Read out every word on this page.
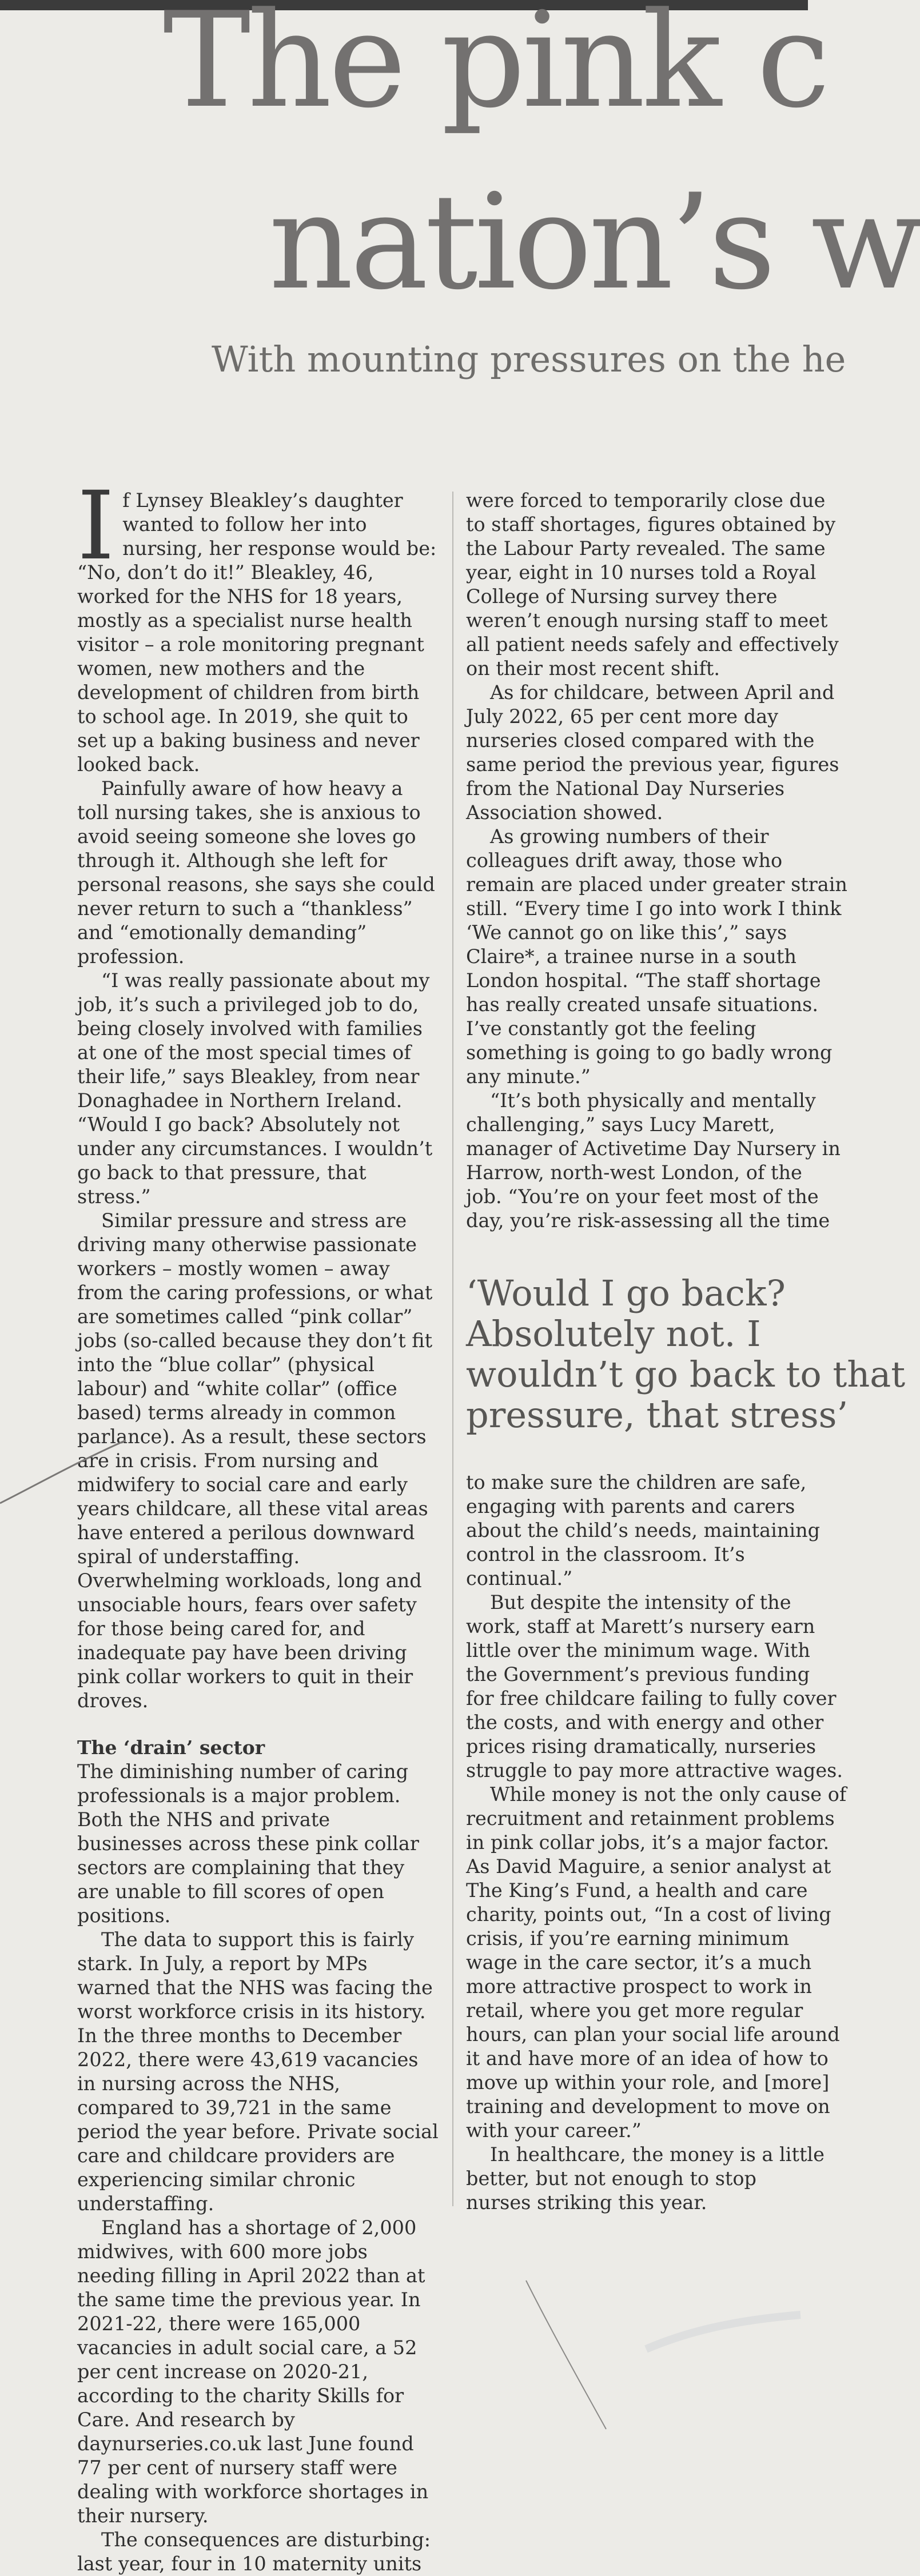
The pink c
nation’s w
With mounting pressures on the he

If Lynsey Bleakley’s daughter wanted to follow her into nursing, her response would be: “No, don’t do it!” Bleakley, 46, worked for the NHS for 18 years, mostly as a specialist nurse health visitor – a role monitoring pregnant women, new mothers and the development of children from birth to school age. In 2019, she quit to set up a baking business and never looked back.

Painfully aware of how heavy a toll nursing takes, she is anxious to avoid seeing someone she loves go through it. Although she left for personal reasons, she says she could never return to such a “thankless” and “emotionally demanding” profession.

“I was really passionate about my job, it’s such a privileged job to do, being closely involved with families at one of the most special times of their life,” says Bleakley, from near Donaghadee in Northern Ireland. “Would I go back? Absolutely not under any circumstances. I wouldn’t go back to that pressure, that stress.”

Similar pressure and stress are driving many otherwise passionate workers – mostly women – away from the caring professions, or what are sometimes called “pink collar” jobs (so-called because they don’t fit into the “blue collar” (physical labour) and “white collar” (office based) terms already in common parlance). As a result, these sectors are in crisis. From nursing and midwifery to social care and early years childcare, all these vital areas have entered a perilous downward spiral of understaffing. Overwhelming workloads, long and unsociable hours, fears over safety for those being cared for, and inadequate pay have been driving pink collar workers to quit in their droves.

The ‘drain’ sector

The diminishing number of caring professionals is a major problem. Both the NHS and private businesses across these pink collar sectors are complaining that they are unable to fill scores of open positions.

The data to support this is fairly stark. In July, a report by MPs warned that the NHS was facing the worst workforce crisis in its history. In the three months to December 2022, there were 43,619 vacancies in nursing across the NHS, compared to 39,721 in the same period the year before. Private social care and childcare providers are experiencing similar chronic understaffing.

England has a shortage of 2,000 midwives, with 600 more jobs needing filling in April 2022 than at the same time the previous year. In 2021-22, there were 165,000 vacancies in adult social care, a 52 per cent increase on 2020-21, according to the charity Skills for Care. And research by daynurseries.co.uk last June found 77 per cent of nursery staff were dealing with workforce shortages in their nursery.

The consequences are disturbing: last year, four in 10 maternity units

were forced to temporarily close due

to staff shortages, figures obtained by

the Labour Party revealed. The same

year, eight in 10 nurses told a Royal

College of Nursing survey there

weren’t enough nursing staff to meet

all patient needs safely and effectively

on their most recent shift.

As for childcare, between April and

July 2022, 65 per cent more day

nurseries closed compared with the

same period the previous year, figures

from the National Day Nurseries

Association showed.

As growing numbers of their

colleagues drift away, those who

remain are placed under greater strain

still. “Every time I go into work I think

‘We cannot go on like this’,” says

Claire*, a trainee nurse in a south

London hospital. “The staff shortage

has really created unsafe situations.

I’ve constantly got the feeling

something is going to go badly wrong

any minute.”

“It’s both physically and mentally

challenging,” says Lucy Marett,

manager of Activetime Day Nursery in

Harrow, north-west London, of the

job. “You’re on your feet most of the

day, you’re risk-assessing all the time

‘Would I go back?
Absolutely not. I
wouldn’t go back to that
pressure, that stress’

to make sure the children are safe,

engaging with parents and carers

about the child’s needs, maintaining

control in the classroom. It’s

continual.”

But despite the intensity of the

work, staff at Marett’s nursery earn

little over the minimum wage. With

the Government’s previous funding

for free childcare failing to fully cover

the costs, and with energy and other

prices rising dramatically, nurseries

struggle to pay more attractive wages.

While money is not the only cause of

recruitment and retainment problems

in pink collar jobs, it’s a major factor.

As David Maguire, a senior analyst at

The King’s Fund, a health and care

charity, points out, “In a cost of living

crisis, if you’re earning minimum

wage in the care sector, it’s a much

more attractive prospect to work in

retail, where you get more regular

hours, can plan your social life around

it and have more of an idea of how to

move up within your role, and [more]

training and development to move on

with your career.”

In healthcare, the money is a little

better, but not enough to stop

nurses striking this year.
